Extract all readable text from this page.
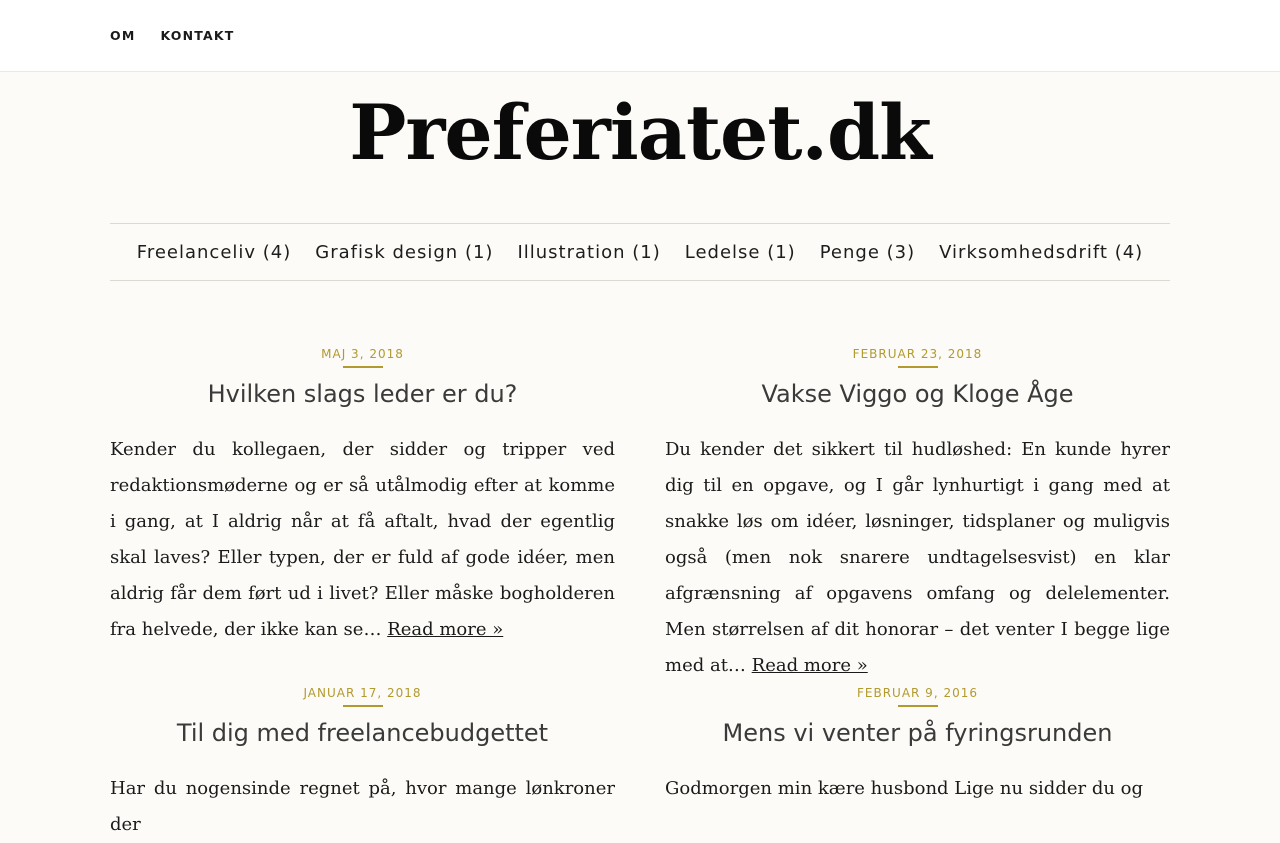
OM KONTAKT
Preferiatet.dk
Freelanceliv (4) Grafisk design (1) Illustration (1) Ledelse (1) Penge (3) Virksomhedsdrift (4)
MAJ 3, 2018
Hvilken slags leder er du?

Kender du kollegaen, der sidder og tripper ved redaktionsmøderne og er så utålmodig efter at komme i gang, at I aldrig når at få aftalt, hvad der egentlig skal laves? Eller typen, der er fuld af gode idéer, men aldrig får dem ført ud i livet? Eller måske bogholderen fra helvede, der ikke kan se… Read more »

FEBRUAR 23, 2018
Vakse Viggo og Kloge Åge

Du kender det sikkert til hudløshed: En kunde hyrer dig til en opgave, og I går lynhurtigt i gang med at snakke løs om idéer, løsninger, tidsplaner og muligvis også (men nok snarere undtagelsesvist) en klar afgrænsning af opgavens omfang og delelementer. Men størrelsen af dit honorar – det venter I begge lige med at… Read more »

JANUAR 17, 2018
Til dig med freelancebudgettet

Har du nogensinde regnet på, hvor mange lønkroner der

FEBRUAR 9, 2016
Mens vi venter på fyringsrunden

Godmorgen min kære husbond Lige nu sidder du og
